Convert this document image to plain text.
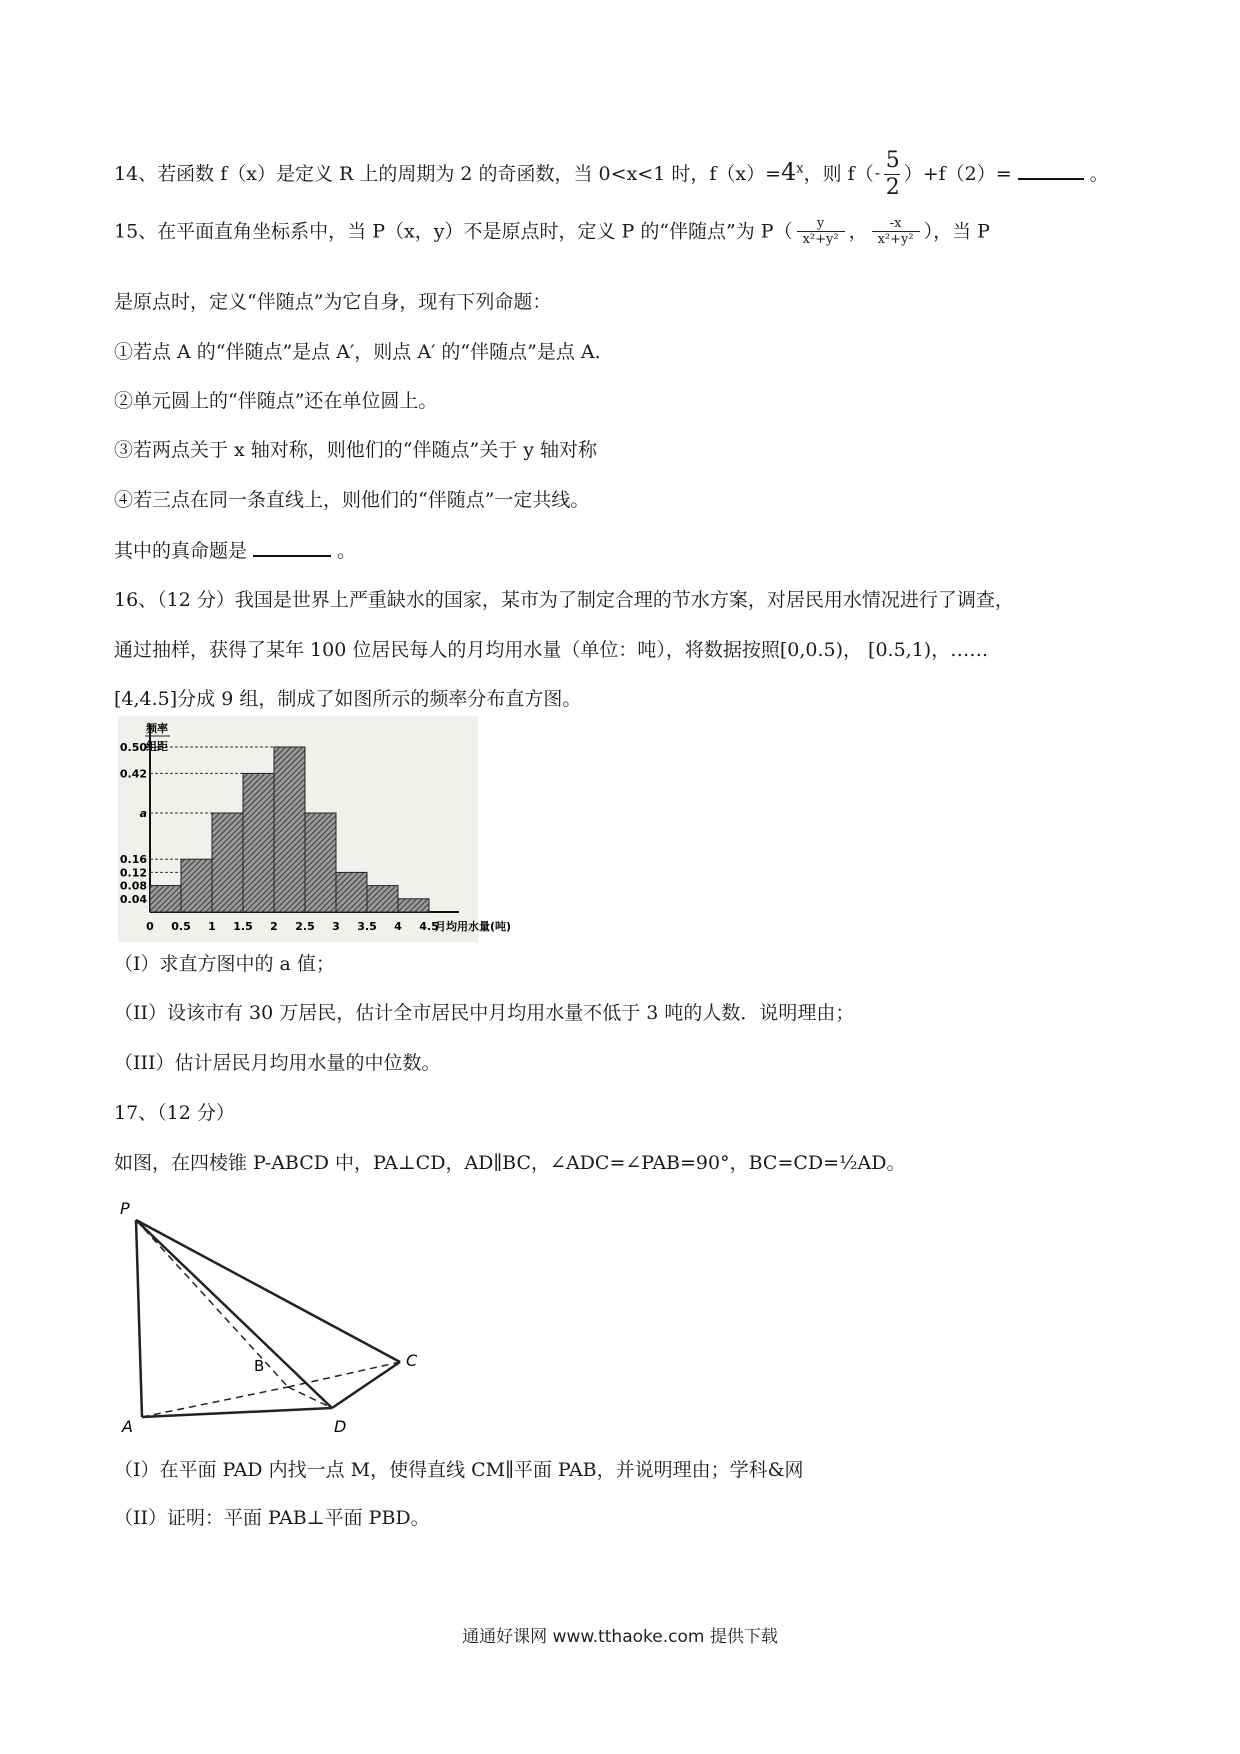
14、若函数 f（x）是定义 R 上的周期为 2 的奇函数，当 0<x<1 时，$f(x)=4^x$，则 f（ - 5
2
）+f（2）=	。
15、在平面直角坐标系中，当 P（x，y）不是原点时，定义 P 的“伴随点”为 $P( \frac{y}{\text{x²+y²}}$ ， $\frac{-x}{\text{x²+y²}}$ ），当 P
是原点时，定义“伴随点”为它自身，现有下列命题：
①若点 A 的“伴随点”是点 A′，则点 A′ 的“伴随点”是点 A.
②单元圆上的“伴随点”还在单位圆上。
③若两点关于 x 轴对称，则他们的“伴随点”关于 y 轴对称
④若三点在同一条直线上，则他们的“伴随点”一定共线。
其中的真命题是	。
16、（12 分）我国是世界上严重缺水的国家，某市为了制定合理的节水方案，对居民用水情况进行了调查，
通过抽样，获得了某年 100 位居民每人的月均用水量（单位：吨），将数据按照[0,0.5)， [0.5,1)，……
[4,4.5]分成 9 组，制成了如图所示的频率分布直方图。
0.50
0.42
a
0.16
0.12
0.08
0.04
0 0.5 1 1.5 2 2.5 3 3.5 4 4.5
月均用水量(吨)
频率
组距
（I）求直方图中的 a 值；
（II）设该市有 30 万居民，估计全市居民中月均用水量不低于 3 吨的人数．说明理由；
（III）估计居民月均用水量的中位数。
17、（12 分）
如图，在四棱锥 P-ABCD 中，PA⊥CD，AD∥BC，∠ADC=∠PAB=90°，BC=CD=½AD。
P
A
B	C
D
（I）在平面 PAD 内找一点 M，使得直线 CM∥平面 PAB，并说明理由；学科&网
（II）证明：平面 PAB⊥平面 PBD。
通通好课网 www.tthaoke.com 提供下载
